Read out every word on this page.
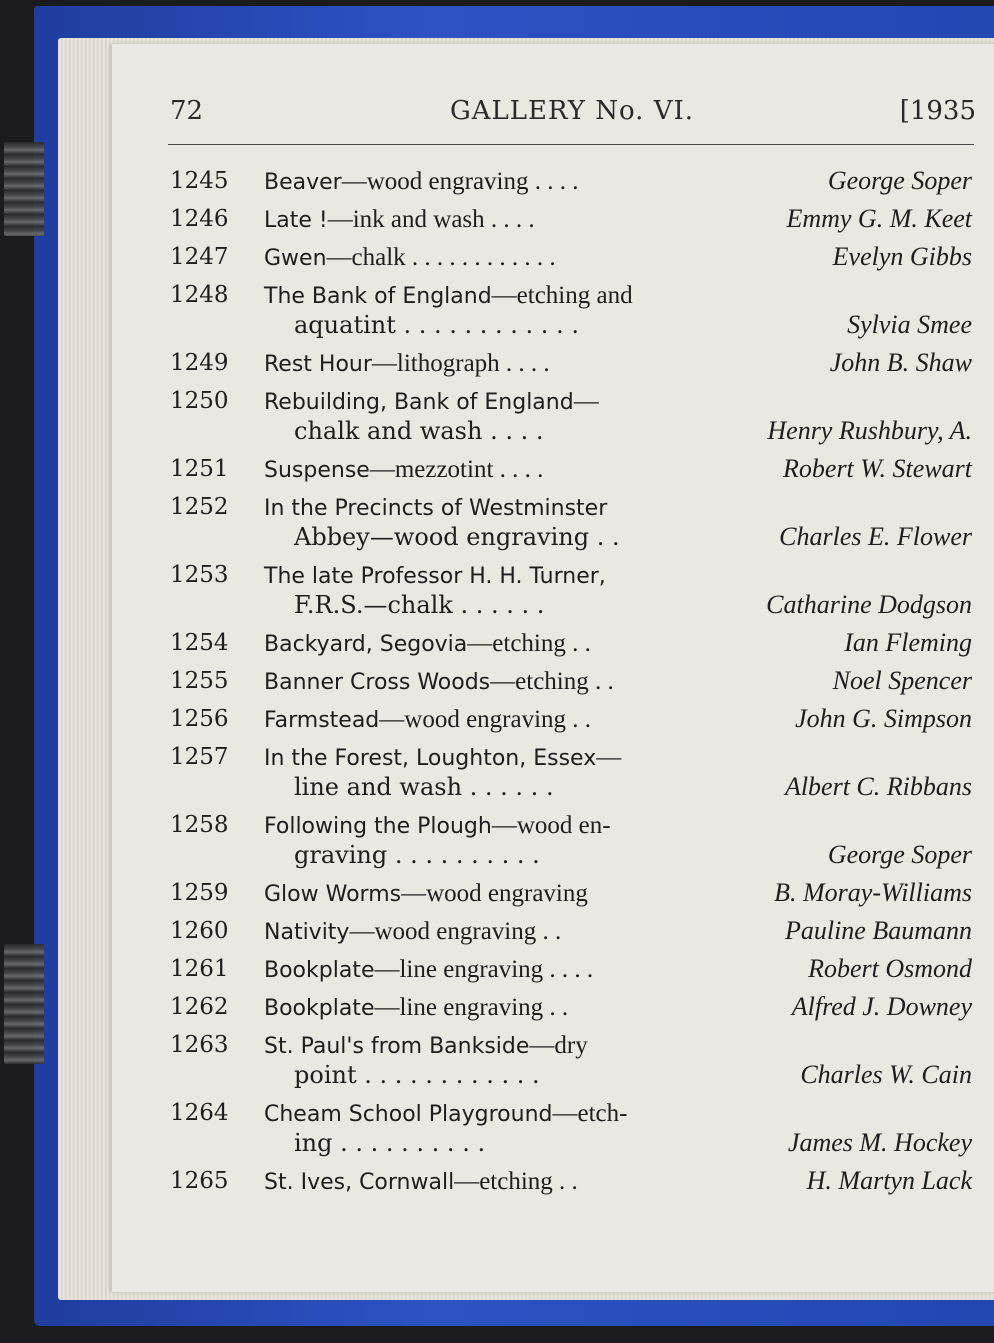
72	GALLERY No. VI.	[1935
1245 Beaver—wood engraving . . . .	George Soper
1246 Late !—ink and wash . . . .	Emmy G. M. Keet
1247 Gwen—chalk . . . . . . . . . . . .	Evelyn Gibbs
1248 The Bank of England—etching and
aquatint . . . . . . . . . . . .	Sylvia Smee
1249 Rest Hour—lithograph . . . .	John B. Shaw
1250 Rebuilding, Bank of England—
chalk and wash . . . .	Henry Rushbury, A.
1251 Suspense—mezzotint . . . .	Robert W. Stewart
1252 In the Precincts of Westminster
Abbey—wood engraving . .	Charles E. Flower
1253 The late Professor H. H. Turner,
F.R.S.—chalk . . . . . .	Catharine Dodgson
1254 Backyard, Segovia—etching . .	Ian Fleming
1255 Banner Cross Woods—etching . .	Noel Spencer
1256 Farmstead—wood engraving . .	John G. Simpson
1257 In the Forest, Loughton, Essex—
line and wash . . . . . .	Albert C. Ribbans
1258 Following the Plough—wood en-
graving . . . . . . . . . .	George Soper
1259 Glow Worms—wood engraving	B. Moray-Williams
1260 Nativity—wood engraving . .	Pauline Baumann
1261 Bookplate—line engraving . . . .	Robert Osmond
1262 Bookplate—line engraving . .	Alfred J. Downey
1263 St. Paul's from Bankside—dry
point . . . . . . . . . . . .	Charles W. Cain
1264 Cheam School Playground—etch-
ing . . . . . . . . . .	James M. Hockey
1265 St. Ives, Cornwall—etching . .	H. Martyn Lack
